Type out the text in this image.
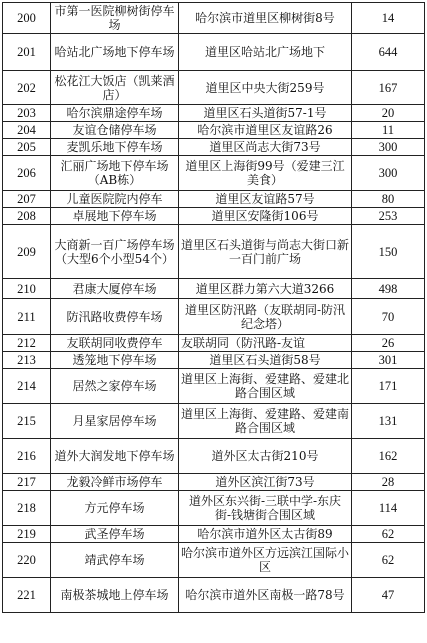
200	市第一医院柳树街停车场	哈尔滨市道里区柳树街8号	14
201	哈站北广场地下停车场	道里区哈站北广场地下	644
202	松花江大饭店（凯莱酒店）	道里区中央大街259号	167
203	哈尔滨鼎途停车场	道里区石头道街57-1号	20
204	友谊仓储停车场	哈尔滨市道里区友谊路26	11
205	麦凯乐地下停车场	道里区尚志大街73号	300
206	汇丽广场地下停车场（AB栋）	道里区上海街99号（爱建三江美食）	300
207	儿童医院院内停车	道里区友谊路57号	80
208	卓展地下停车场	道里区安隆街106号	253
209	大商新一百广场停车场（大型6个小型54个）	道里区石头道街与尚志大街口新一百门前广场	150
210	君康大厦停车场	道里区群力第六大道3266	498
211	防汛路收费停车场	道里区防汛路（友联胡同-防汛纪念塔）	70
212	友联胡同收费停车	友联胡同（防汛路-友谊	26
213	透笼地下停车场	道里区石头道街58号	301
214	居然之家停车场	道里区上海街、爱建路、爱建北路合围区域	171
215	月星家居停车场	道里区上海街、爱建路、爱建南路合围区域	131
216	道外大润发地下停车场	道外区太古街210号	162
217	龙毅冷鲜市场停车	道外区滨江街73号	28
218	方元停车场	道外区东兴街-三联中学-东庆街-钱塘街合围区域	114
219	武圣停车场	哈尔滨市道外区太古街89	62
220	靖武停车场	哈尔滨市道外区方远滨江国际小区	62
221	南极茶城地上停车场	哈尔滨市道外区南极一路78号	47
